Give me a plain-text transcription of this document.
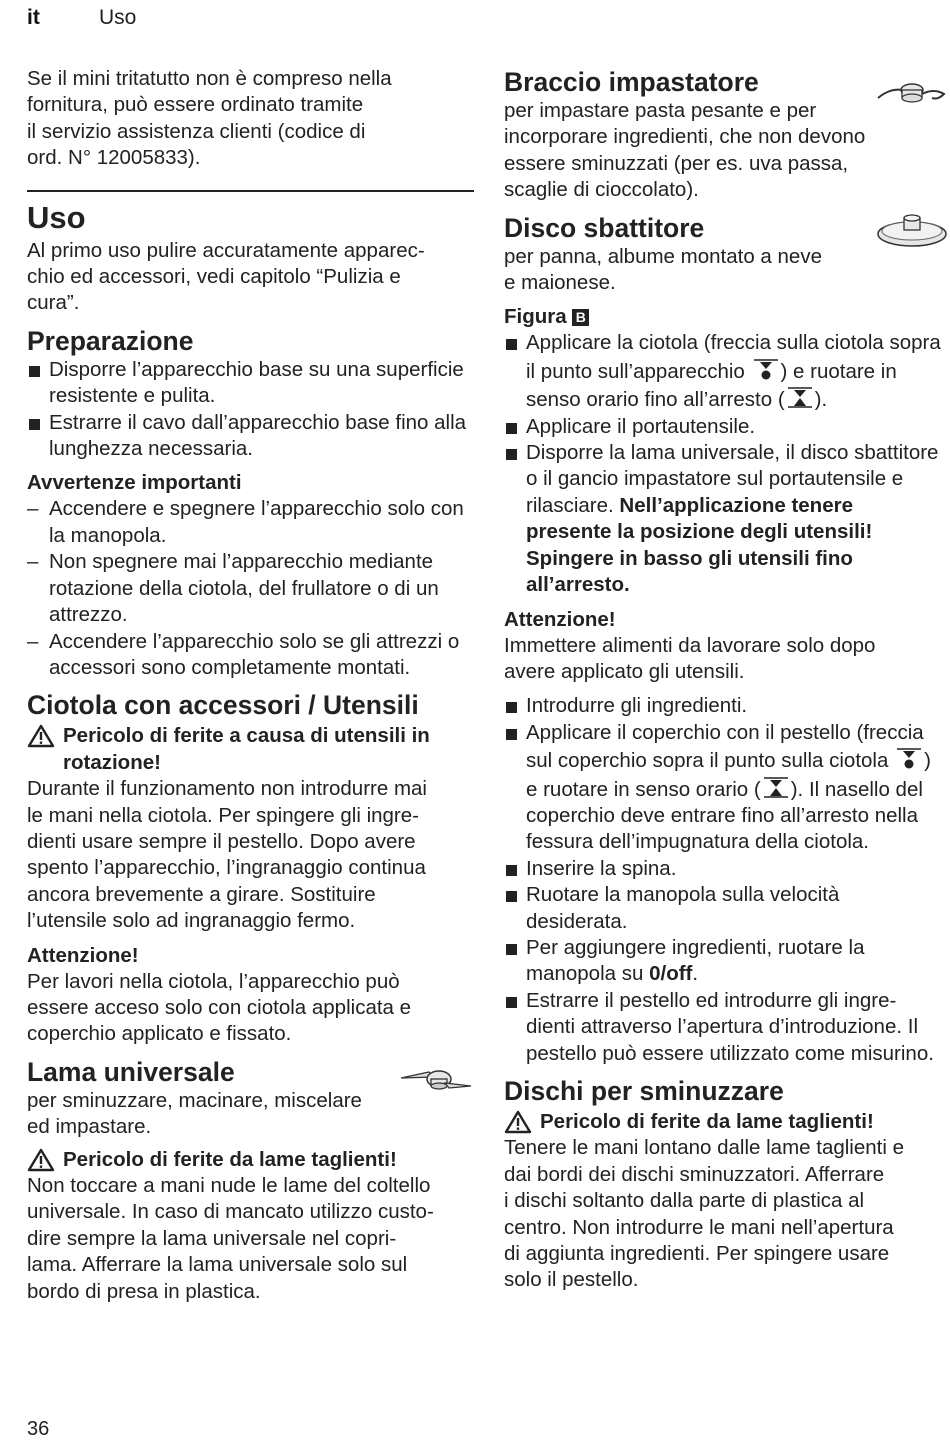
it	Uso

Se il mini tritatutto non è compreso nella

fornitura, può essere ordinato tramite

il servizio assistenza clienti (codice di

ord. N° 12005833).

Uso

Al primo uso pulire accuratamente apparec-

chio ed accessori, vedi capitolo “Pulizia e

cura”.

Preparazione
Disporre l’apparecchio base su una superficie resistente e pulita.
Estrarre il cavo dall’apparecchio base fino alla lunghezza necessaria.
Avvertenze importanti
– Accendere e spegnere l’apparecchio solo con la manopola.
– Non spegnere mai l’apparecchio mediante rotazione della ciotola, del frullatore o di un attrezzo.
– Accendere l’apparecchio solo se gli attrezzi o accessori sono completamente montati.
Ciotola con accessori / Utensili
Pericolo di ferite a causa di utensili in rotazione!

Durante il funzionamento non introdurre mai

le mani nella ciotola. Per spingere gli ingre-

dienti usare sempre il pestello. Dopo avere

spento l’apparecchio, l’ingranaggio continua

ancora brevemente a girare. Sostituire

l’utensile solo ad ingranaggio fermo.

Attenzione!

Per lavori nella ciotola, l’apparecchio può

essere acceso solo con ciotola applicata e

coperchio applicato e fissato.

Lama universale

per sminuzzare, macinare, miscelare

ed impastare.

Pericolo di ferite da lame taglienti!

Non toccare a mani nude le lame del coltello

universale. In caso di mancato utilizzo custo-

dire sempre la lama universale nel copri-

lama. Afferrare la lama universale solo sul

bordo di presa in plastica.

Braccio impastatore

per impastare pasta pesante e per

incorporare ingredienti, che non devono

essere sminuzzati (per es. uva passa,

scaglie di cioccolato).

Disco sbattitore

per panna, albume montato a neve

e maionese.

Figura B
Applicare la ciotola (freccia sulla ciotola sopra il punto sull’apparecchio ) e ruotare in senso orario fino all’arresto ( ).
Applicare il portautensile.
Disporre la lama universale, il disco sbattitore o il gancio impastatore sul portautensile e rilasciare. Nell’applicazione tenere presente la posizione degli utensili! Spingere in basso gli utensili fino all’arresto.
Attenzione!

Immettere alimenti da lavorare solo dopo

avere applicato gli utensili.

Introdurre gli ingredienti.
Applicare il coperchio con il pestello (freccia sul coperchio sopra il punto sulla ciotola ) e ruotare in senso orario ( ). Il nasello del coperchio deve entrare fino all’arresto nella fessura dell’impugnatura della ciotola.
Inserire la spina.
Ruotare la manopola sulla velocità desiderata.
Per aggiungere ingredienti, ruotare la manopola su 0/off.
Estrarre il pestello ed introdurre gli ingre-dienti attraverso l’apertura d’introduzione. Il pestello può essere utilizzato come misurino.
Dischi per sminuzzare
Pericolo di ferite da lame taglienti!

Tenere le mani lontano dalle lame taglienti e

dai bordi dei dischi sminuzzatori. Afferrare

i dischi soltanto dalla parte di plastica al

centro. Non introdurre le mani nell’apertura

di aggiunta ingredienti. Per spingere usare

solo il pestello.

36
